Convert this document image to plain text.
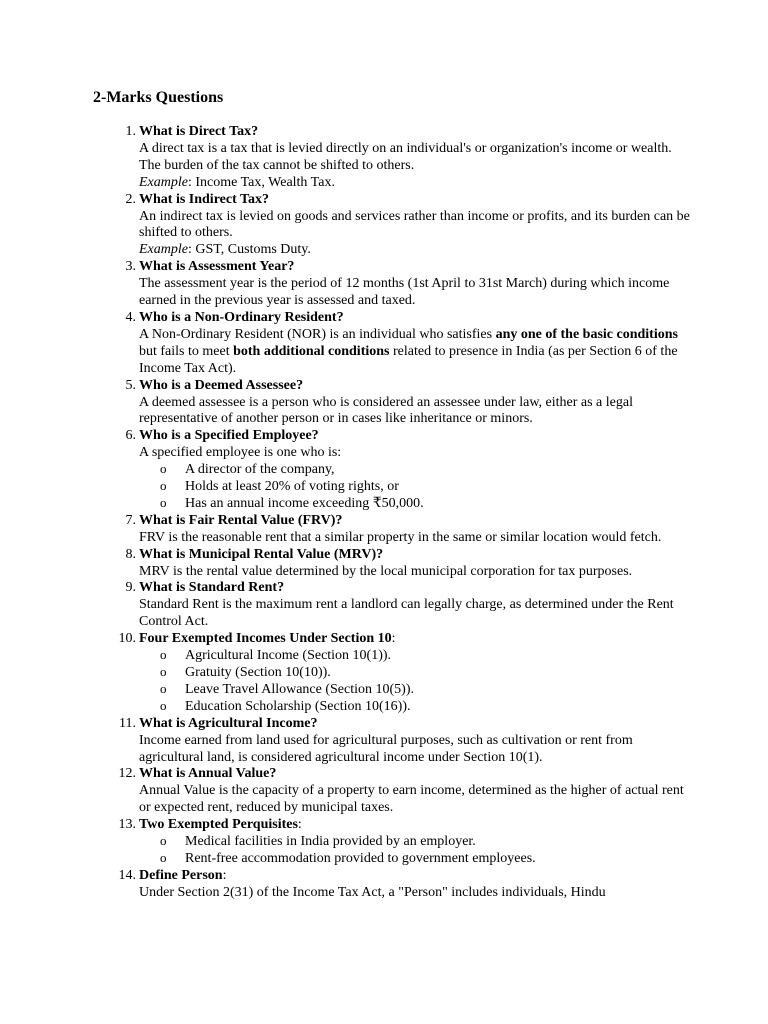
2-Marks Questions
1. What is Direct Tax?
A direct tax is a tax that is levied directly on an individual's or organization's income or wealth. The burden of the tax cannot be shifted to others.
Example: Income Tax, Wealth Tax.
2. What is Indirect Tax?
An indirect tax is levied on goods and services rather than income or profits, and its burden can be shifted to others.
Example: GST, Customs Duty.
3. What is Assessment Year?
The assessment year is the period of 12 months (1st April to 31st March) during which income earned in the previous year is assessed and taxed.
4. Who is a Non-Ordinary Resident?
A Non-Ordinary Resident (NOR) is an individual who satisfies any one of the basic conditions but fails to meet both additional conditions related to presence in India (as per Section 6 of the Income Tax Act).
5. Who is a Deemed Assessee?
A deemed assessee is a person who is considered an assessee under law, either as a legal representative of another person or in cases like inheritance or minors.
6. Who is a Specified Employee?
A specified employee is one who is:
o A director of the company,
o Holds at least 20% of voting rights, or
o Has an annual income exceeding ₹50,000.
7. What is Fair Rental Value (FRV)?
FRV is the reasonable rent that a similar property in the same or similar location would fetch.
8. What is Municipal Rental Value (MRV)?
MRV is the rental value determined by the local municipal corporation for tax purposes.
9. What is Standard Rent?
Standard Rent is the maximum rent a landlord can legally charge, as determined under the Rent Control Act.
10. Four Exempted Incomes Under Section 10:
o Agricultural Income (Section 10(1)).
o Gratuity (Section 10(10)).
o Leave Travel Allowance (Section 10(5)).
o Education Scholarship (Section 10(16)).
11. What is Agricultural Income?
Income earned from land used for agricultural purposes, such as cultivation or rent from agricultural land, is considered agricultural income under Section 10(1).
12. What is Annual Value?
Annual Value is the capacity of a property to earn income, determined as the higher of actual rent or expected rent, reduced by municipal taxes.
13. Two Exempted Perquisites:
o Medical facilities in India provided by an employer.
o Rent-free accommodation provided to government employees.
14. Define Person:
Under Section 2(31) of the Income Tax Act, a "Person" includes individuals, Hindu
